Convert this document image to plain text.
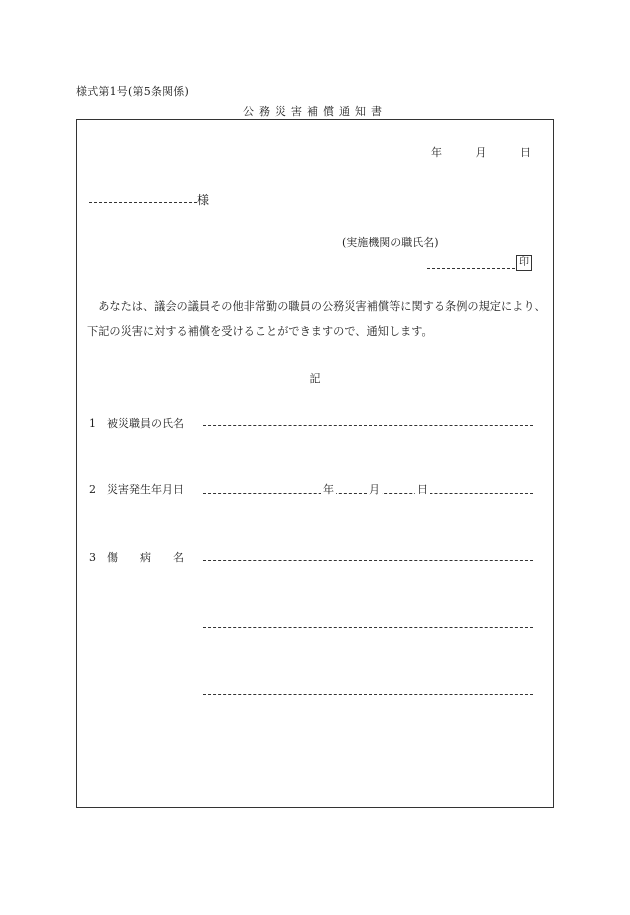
様式第1号(第5条関係)
公務災害補償通知書
年	月	日
様
(実施機関の職氏名)
印
　あなたは、議会の議員その他非常勤の職員の公務災害補償等に関する条例の規定により、下記の災害に対する補償を受けることができますので、通知します。
記
1　被災職員の氏名
2　災害発生年月日	年	月	日
3　傷　　病　　名
